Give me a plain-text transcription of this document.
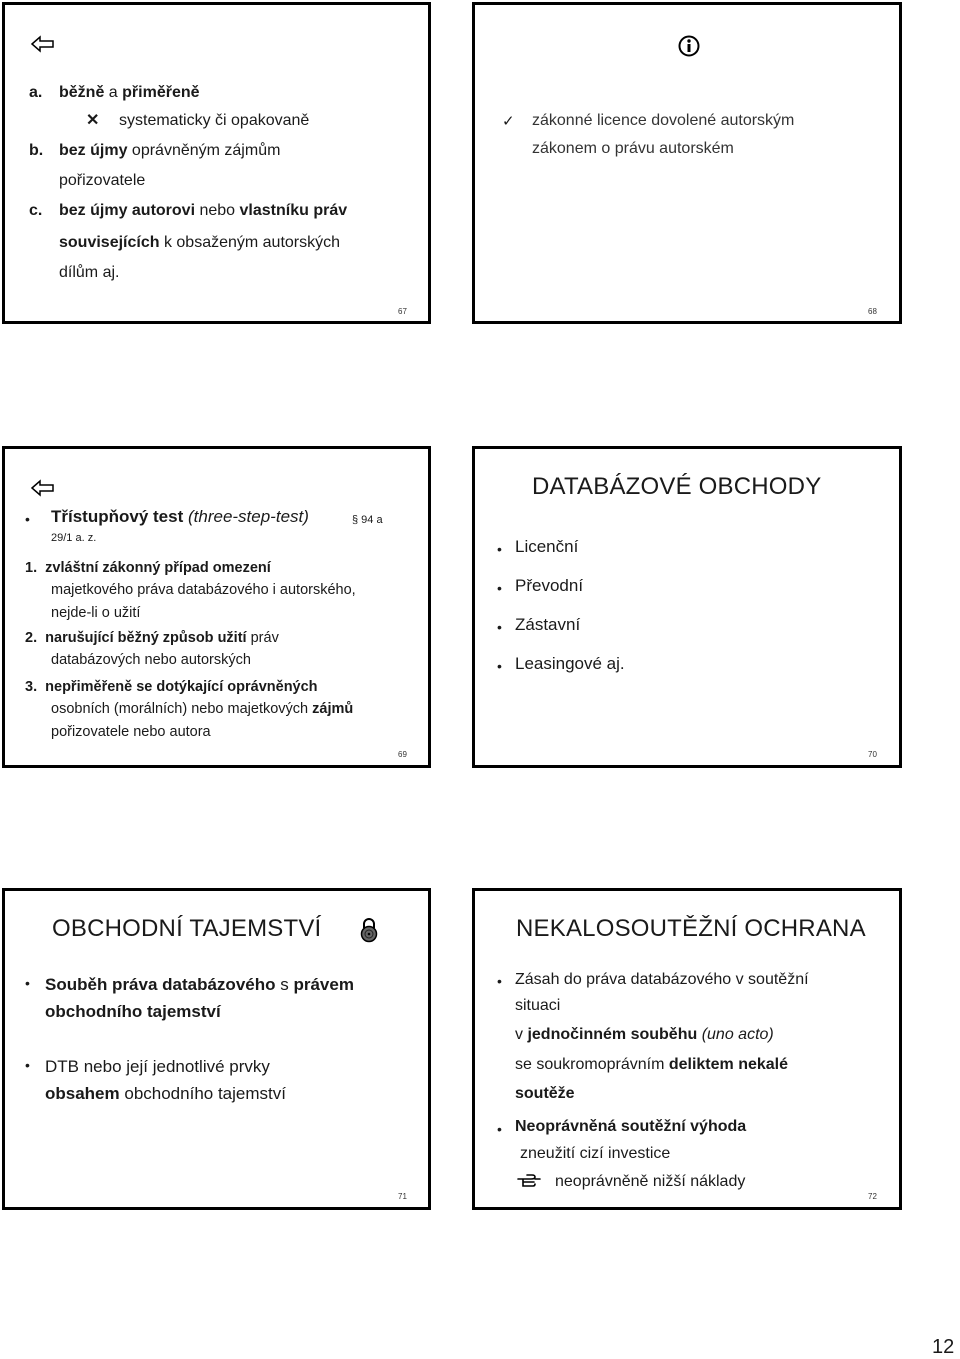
a. běžně a přiměřeně
✕ systematicky či opakovaně
b. bez újmy oprávněným zájmům
pořizovatele
c. bez újmy autorovi nebo vlastníku práv
souvisejících k obsaženým autorských
dílům aj.
67
✓ zákonné licence dovolené autorským
zákonem o právu autorském
68
• Třístupňový test (three-step-test)	§ 94 a
29/1 a. z.
1. zvláštní zákonný případ omezení
majetkového práva databázového i autorského,
nejde-li o užití
2. narušující běžný způsob užití práv
databázových nebo autorských
3. nepřiměřeně se dotýkající oprávněných
osobních (morálních) nebo majetkových zájmů
pořizovatele nebo autora
69
DATABÁZOVÉ OBCHODY
• Licenční
• Převodní
• Zástavní
• Leasingové aj.
70
OBCHODNÍ TAJEMSTVÍ
• Souběh práva databázového s právem
obchodního tajemství
• DTB nebo její jednotlivé prvky
obsahem obchodního tajemství
71
NEKALOSOUTĚŽNÍ OCHRANA
• Zásah do práva databázového v soutěžní
situaci
v jednočinném souběhu (uno acto)
se soukromoprávním deliktem nekalé
soutěže
• Neoprávněná soutěžní výhoda
zneužití cizí investice
neoprávněně nižší náklady
72
12
